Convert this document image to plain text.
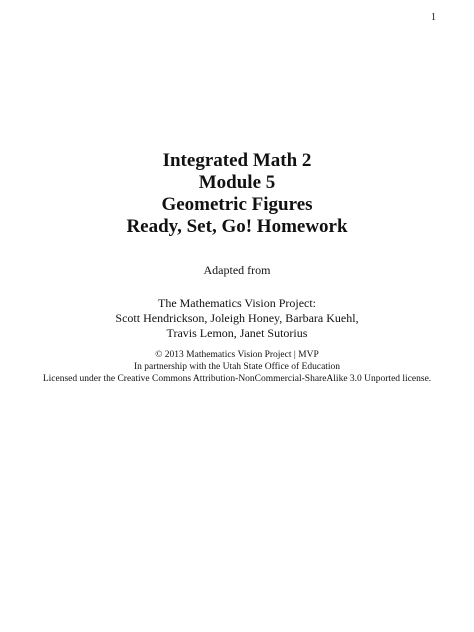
1
Integrated Math 2
Module 5
Geometric Figures
Ready, Set, Go! Homework
Adapted from
The Mathematics Vision Project:
Scott Hendrickson, Joleigh Honey, Barbara Kuehl,
Travis Lemon, Janet Sutorius
© 2013 Mathematics Vision Project | MVP
In partnership with the Utah State Office of Education
Licensed under the Creative Commons Attribution-NonCommercial-ShareAlike 3.0 Unported license.
